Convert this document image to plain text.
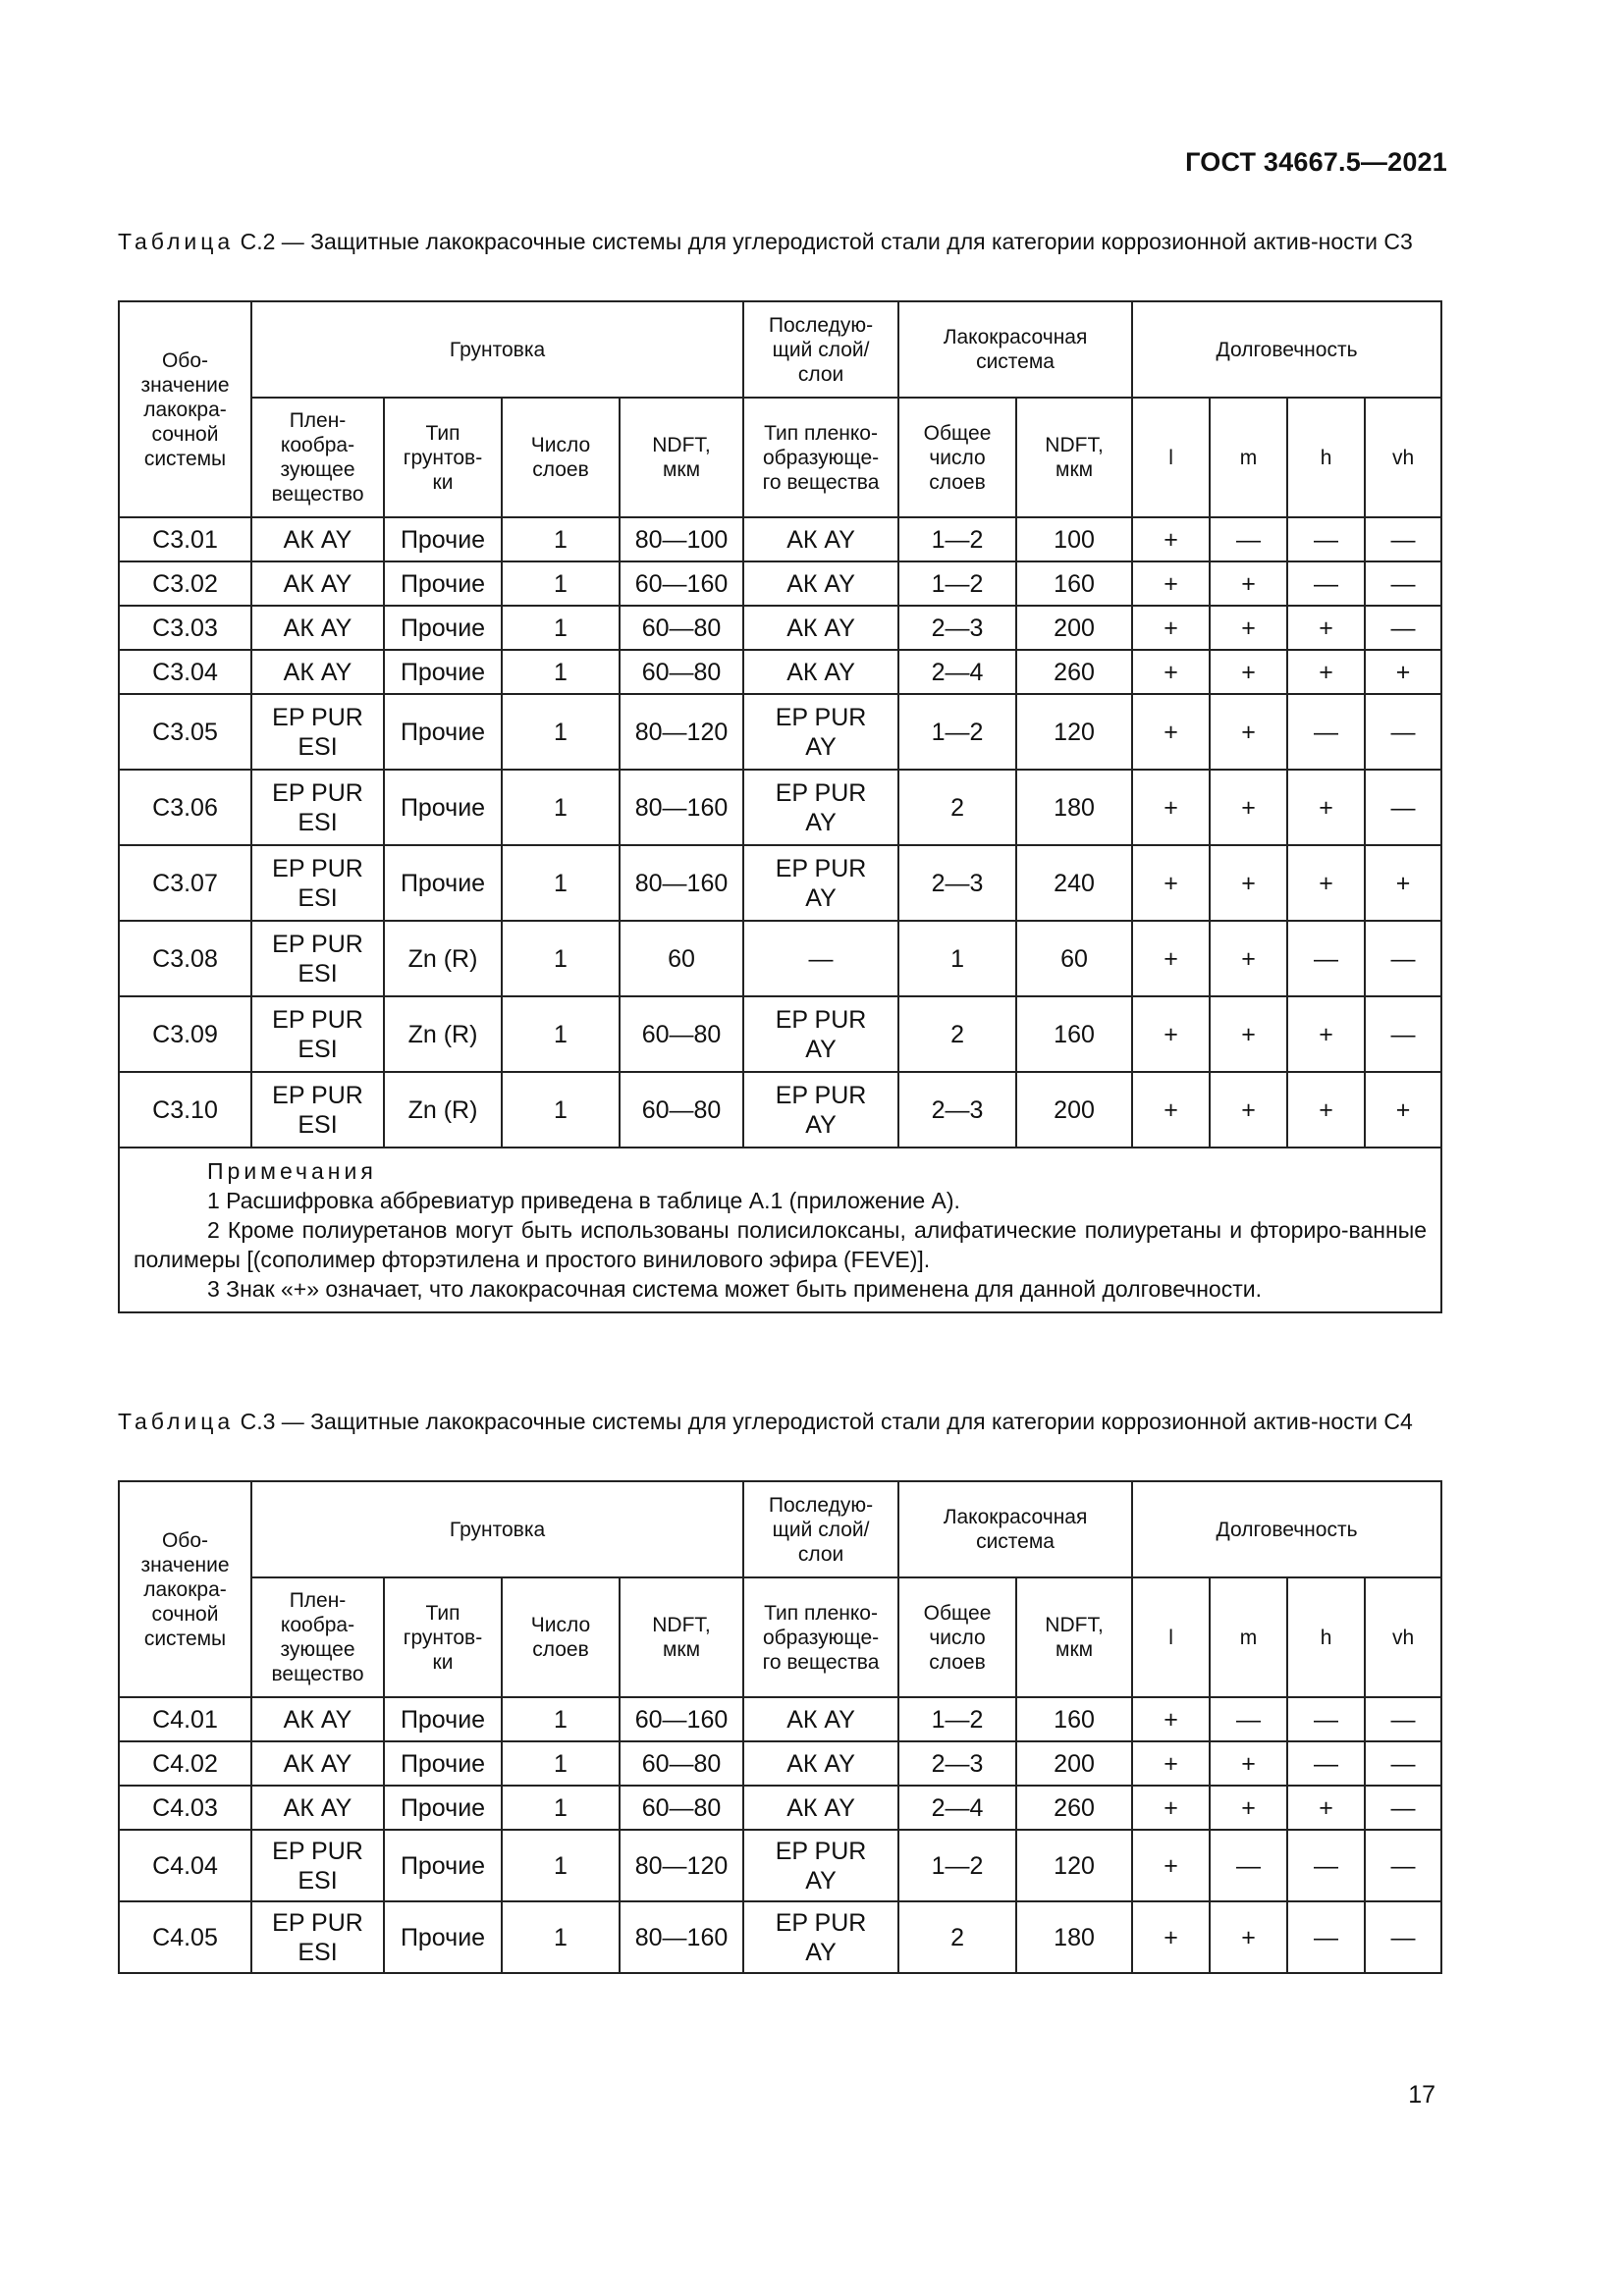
ГОСТ 34667.5—2021
Таблица С.2 — Защитные лакокрасочные системы для углеродистой стали для категории коррозионной актив-ности С3
Обо-
значение
лакокра-
сочной
системы	Грунтовка				Последую-
щий слой/
слои	Лакокрасочная
система		Долговечность			
	Плен-
кообра-
зующее
вещество	Тип
грунтов-
ки	Число
слоев	NDFT,
мкм	Тип пленко-
образующе-
го вещества	Общее
число
слоев	NDFT,
мкм	l	m	h	vh
С3.01	АК AY	Прочие	1	80—100	АК AY	1—2	100	+	—	—	—
С3.02	АК AY	Прочие	1	60—160	АК AY	1—2	160	+	+	—	—
С3.03	АК AY	Прочие	1	60—80	АК AY	2—3	200	+	+	+	—
С3.04	АК AY	Прочие	1	60—80	АК AY	2—4	260	+	+	+	+
С3.05	EP PUR
ESI	Прочие	1	80—120	EP PUR
AY	1—2	120	+	+	—	—
С3.06	EP PUR
ESI	Прочие	1	80—160	EP PUR
AY	2	180	+	+	+	—
С3.07	EP PUR
ESI	Прочие	1	80—160	EP PUR
AY	2—3	240	+	+	+	+
С3.08	EP PUR
ESI	Zn (R)	1	60	—	1	60	+	+	—	—
С3.09	EP PUR
ESI	Zn (R)	1	60—80	EP PUR
AY	2	160	+	+	+	—
С3.10	EP PUR
ESI	Zn (R)	1	60—80	EP PUR
AY	2—3	200	+	+	+	+

Примечания
1 Расшифровка аббревиатур приведена в таблице А.1 (приложение А).
2 Кроме полиуретанов могут быть использованы полисилоксаны, алифатические полиуретаны и фториро-ванные полимеры [(сополимер фторэтилена и простого винилового эфира (FEVE)].
3 Знак «+» означает, что лакокрасочная система может быть применена для данной долговечности.											
Таблица С.3 — Защитные лакокрасочные системы для углеродистой стали для категории коррозионной актив-ности С4
Обо-
значение
лакокра-
сочной
системы	Грунтовка				Последую-
щий слой/
слои	Лакокрасочная
система		Долговечность			
	Плен-
кообра-
зующее
вещество	Тип
грунтов-
ки	Число
слоев	NDFT,
мкм	Тип пленко-
образующе-
го вещества	Общее
число
слоев	NDFT,
мкм	l	m	h	vh
С4.01	АК AY	Прочие	1	60—160	АК AY	1—2	160	+	—	—	—
С4.02	АК AY	Прочие	1	60—80	АК AY	2—3	200	+	+	—	—
С4.03	АК AY	Прочие	1	60—80	АК AY	2—4	260	+	+	+	—
С4.04	EP PUR
ESI	Прочие	1	80—120	EP PUR
AY	1—2	120	+	—	—	—
С4.05	EP PUR
ESI	Прочие	1	80—160	EP PUR
AY	2	180	+	+	—	—
17
